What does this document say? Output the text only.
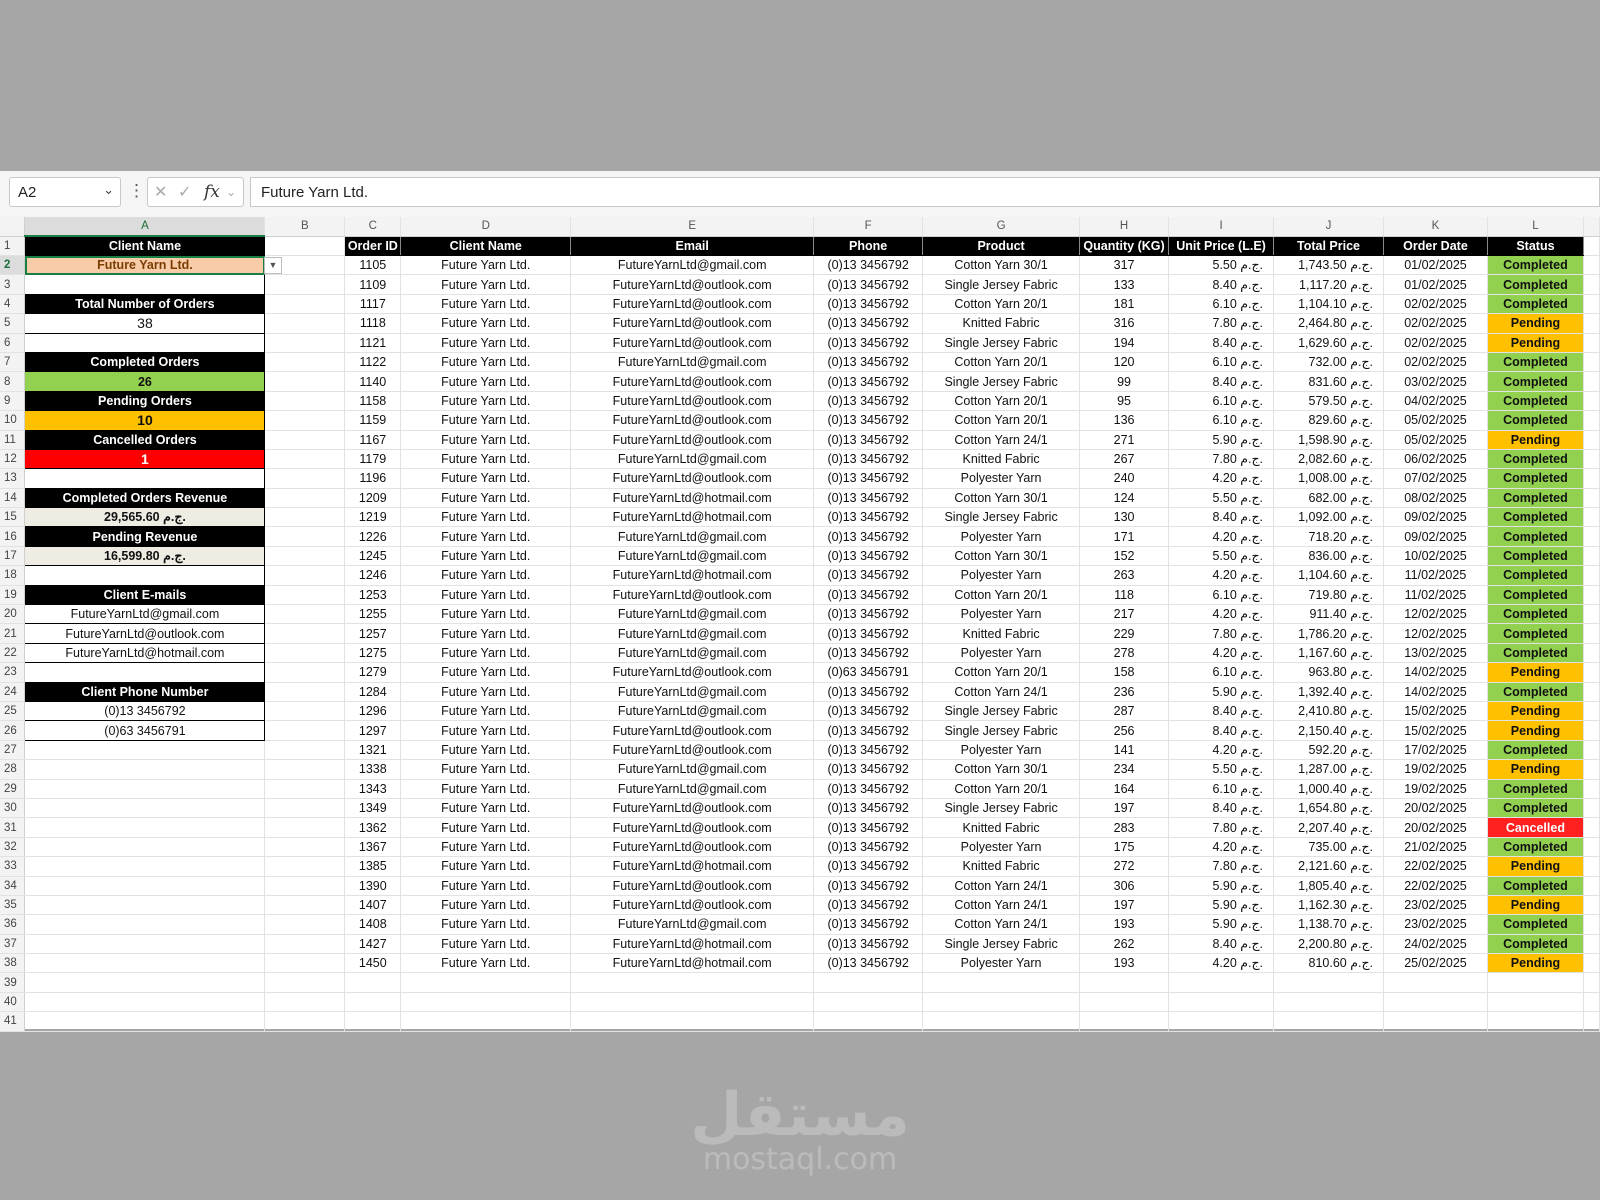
A2	⌄ ⋮ ✕ ✓ fx ⌄	Future Yarn Ltd.
	A	B	C	D	E	F	G	H	I	J	K	L	
1	Client Name		Order ID	Client Name	Email	Phone	Product	Quantity (KG)	Unit Price (L.E)	Total Price	Order Date	Status	
2	Future Yarn Ltd.		1105	Future Yarn Ltd.	FutureYarnLtd@gmail.com	(0)13 3456792	Cotton Yarn 30/1	317	5.50 ج.م.	1,743.50 ج.م.	01/02/2025	Completed	
3			1109	Future Yarn Ltd.	FutureYarnLtd@outlook.com	(0)13 3456792	Single Jersey Fabric	133	8.40 ج.م.	1,117.20 ج.م.	01/02/2025	Completed	
4	Total Number of Orders		1117	Future Yarn Ltd.	FutureYarnLtd@outlook.com	(0)13 3456792	Cotton Yarn 20/1	181	6.10 ج.م.	1,104.10 ج.م.	02/02/2025	Completed	
5	38		1118	Future Yarn Ltd.	FutureYarnLtd@outlook.com	(0)13 3456792	Knitted Fabric	316	7.80 ج.م.	2,464.80 ج.م.	02/02/2025	Pending	
6			1121	Future Yarn Ltd.	FutureYarnLtd@outlook.com	(0)13 3456792	Single Jersey Fabric	194	8.40 ج.م.	1,629.60 ج.م.	02/02/2025	Pending	
7	Completed Orders		1122	Future Yarn Ltd.	FutureYarnLtd@gmail.com	(0)13 3456792	Cotton Yarn 20/1	120	6.10 ج.م.	732.00 ج.م.	02/02/2025	Completed	
8	26		1140	Future Yarn Ltd.	FutureYarnLtd@outlook.com	(0)13 3456792	Single Jersey Fabric	99	8.40 ج.م.	831.60 ج.م.	03/02/2025	Completed	
9	Pending Orders		1158	Future Yarn Ltd.	FutureYarnLtd@outlook.com	(0)13 3456792	Cotton Yarn 20/1	95	6.10 ج.م.	579.50 ج.م.	04/02/2025	Completed	
10	10		1159	Future Yarn Ltd.	FutureYarnLtd@outlook.com	(0)13 3456792	Cotton Yarn 20/1	136	6.10 ج.م.	829.60 ج.م.	05/02/2025	Completed	
11	Cancelled Orders		1167	Future Yarn Ltd.	FutureYarnLtd@outlook.com	(0)13 3456792	Cotton Yarn 24/1	271	5.90 ج.م.	1,598.90 ج.م.	05/02/2025	Pending	
12	1		1179	Future Yarn Ltd.	FutureYarnLtd@gmail.com	(0)13 3456792	Knitted Fabric	267	7.80 ج.م.	2,082.60 ج.م.	06/02/2025	Completed	
13			1196	Future Yarn Ltd.	FutureYarnLtd@outlook.com	(0)13 3456792	Polyester Yarn	240	4.20 ج.م.	1,008.00 ج.م.	07/02/2025	Completed	
14	Completed Orders Revenue		1209	Future Yarn Ltd.	FutureYarnLtd@hotmail.com	(0)13 3456792	Cotton Yarn 30/1	124	5.50 ج.م.	682.00 ج.م.	08/02/2025	Completed	
15	29,565.60 ج.م.		1219	Future Yarn Ltd.	FutureYarnLtd@hotmail.com	(0)13 3456792	Single Jersey Fabric	130	8.40 ج.م.	1,092.00 ج.م.	09/02/2025	Completed	
16	Pending Revenue		1226	Future Yarn Ltd.	FutureYarnLtd@gmail.com	(0)13 3456792	Polyester Yarn	171	4.20 ج.م.	718.20 ج.م.	09/02/2025	Completed	
17	16,599.80 ج.م.		1245	Future Yarn Ltd.	FutureYarnLtd@gmail.com	(0)13 3456792	Cotton Yarn 30/1	152	5.50 ج.م.	836.00 ج.م.	10/02/2025	Completed	
18			1246	Future Yarn Ltd.	FutureYarnLtd@hotmail.com	(0)13 3456792	Polyester Yarn	263	4.20 ج.م.	1,104.60 ج.م.	11/02/2025	Completed	
19	Client E-mails		1253	Future Yarn Ltd.	FutureYarnLtd@outlook.com	(0)13 3456792	Cotton Yarn 20/1	118	6.10 ج.م.	719.80 ج.م.	11/02/2025	Completed	
20	FutureYarnLtd@gmail.com		1255	Future Yarn Ltd.	FutureYarnLtd@gmail.com	(0)13 3456792	Polyester Yarn	217	4.20 ج.م.	911.40 ج.م.	12/02/2025	Completed	
21	FutureYarnLtd@outlook.com		1257	Future Yarn Ltd.	FutureYarnLtd@gmail.com	(0)13 3456792	Knitted Fabric	229	7.80 ج.م.	1,786.20 ج.م.	12/02/2025	Completed	
22	FutureYarnLtd@hotmail.com		1275	Future Yarn Ltd.	FutureYarnLtd@gmail.com	(0)13 3456792	Polyester Yarn	278	4.20 ج.م.	1,167.60 ج.م.	13/02/2025	Completed	
23			1279	Future Yarn Ltd.	FutureYarnLtd@outlook.com	(0)63 3456791	Cotton Yarn 20/1	158	6.10 ج.م.	963.80 ج.م.	14/02/2025	Pending	
24	Client Phone Number		1284	Future Yarn Ltd.	FutureYarnLtd@gmail.com	(0)13 3456792	Cotton Yarn 24/1	236	5.90 ج.م.	1,392.40 ج.م.	14/02/2025	Completed	
25	(0)13 3456792		1296	Future Yarn Ltd.	FutureYarnLtd@gmail.com	(0)13 3456792	Single Jersey Fabric	287	8.40 ج.م.	2,410.80 ج.م.	15/02/2025	Pending	
26	(0)63 3456791		1297	Future Yarn Ltd.	FutureYarnLtd@outlook.com	(0)13 3456792	Single Jersey Fabric	256	8.40 ج.م.	2,150.40 ج.م.	15/02/2025	Pending	
27			1321	Future Yarn Ltd.	FutureYarnLtd@outlook.com	(0)13 3456792	Polyester Yarn	141	4.20 ج.م.	592.20 ج.م.	17/02/2025	Completed	
28			1338	Future Yarn Ltd.	FutureYarnLtd@gmail.com	(0)13 3456792	Cotton Yarn 30/1	234	5.50 ج.م.	1,287.00 ج.م.	19/02/2025	Pending	
29			1343	Future Yarn Ltd.	FutureYarnLtd@gmail.com	(0)13 3456792	Cotton Yarn 20/1	164	6.10 ج.م.	1,000.40 ج.م.	19/02/2025	Completed	
30			1349	Future Yarn Ltd.	FutureYarnLtd@outlook.com	(0)13 3456792	Single Jersey Fabric	197	8.40 ج.م.	1,654.80 ج.م.	20/02/2025	Completed	
31			1362	Future Yarn Ltd.	FutureYarnLtd@outlook.com	(0)13 3456792	Knitted Fabric	283	7.80 ج.م.	2,207.40 ج.م.	20/02/2025	Cancelled	
32			1367	Future Yarn Ltd.	FutureYarnLtd@outlook.com	(0)13 3456792	Polyester Yarn	175	4.20 ج.م.	735.00 ج.م.	21/02/2025	Completed	
33			1385	Future Yarn Ltd.	FutureYarnLtd@hotmail.com	(0)13 3456792	Knitted Fabric	272	7.80 ج.م.	2,121.60 ج.م.	22/02/2025	Pending	
34			1390	Future Yarn Ltd.	FutureYarnLtd@outlook.com	(0)13 3456792	Cotton Yarn 24/1	306	5.90 ج.م.	1,805.40 ج.م.	22/02/2025	Completed	
35			1407	Future Yarn Ltd.	FutureYarnLtd@outlook.com	(0)13 3456792	Cotton Yarn 24/1	197	5.90 ج.م.	1,162.30 ج.م.	23/02/2025	Pending	
36			1408	Future Yarn Ltd.	FutureYarnLtd@gmail.com	(0)13 3456792	Cotton Yarn 24/1	193	5.90 ج.م.	1,138.70 ج.م.	23/02/2025	Completed	
37			1427	Future Yarn Ltd.	FutureYarnLtd@hotmail.com	(0)13 3456792	Single Jersey Fabric	262	8.40 ج.م.	2,200.80 ج.م.	24/02/2025	Completed	
38			1450	Future Yarn Ltd.	FutureYarnLtd@hotmail.com	(0)13 3456792	Polyester Yarn	193	4.20 ج.م.	810.60 ج.م.	25/02/2025	Pending	
39													
40													
41													
▼
مستقل
mostaql.com
